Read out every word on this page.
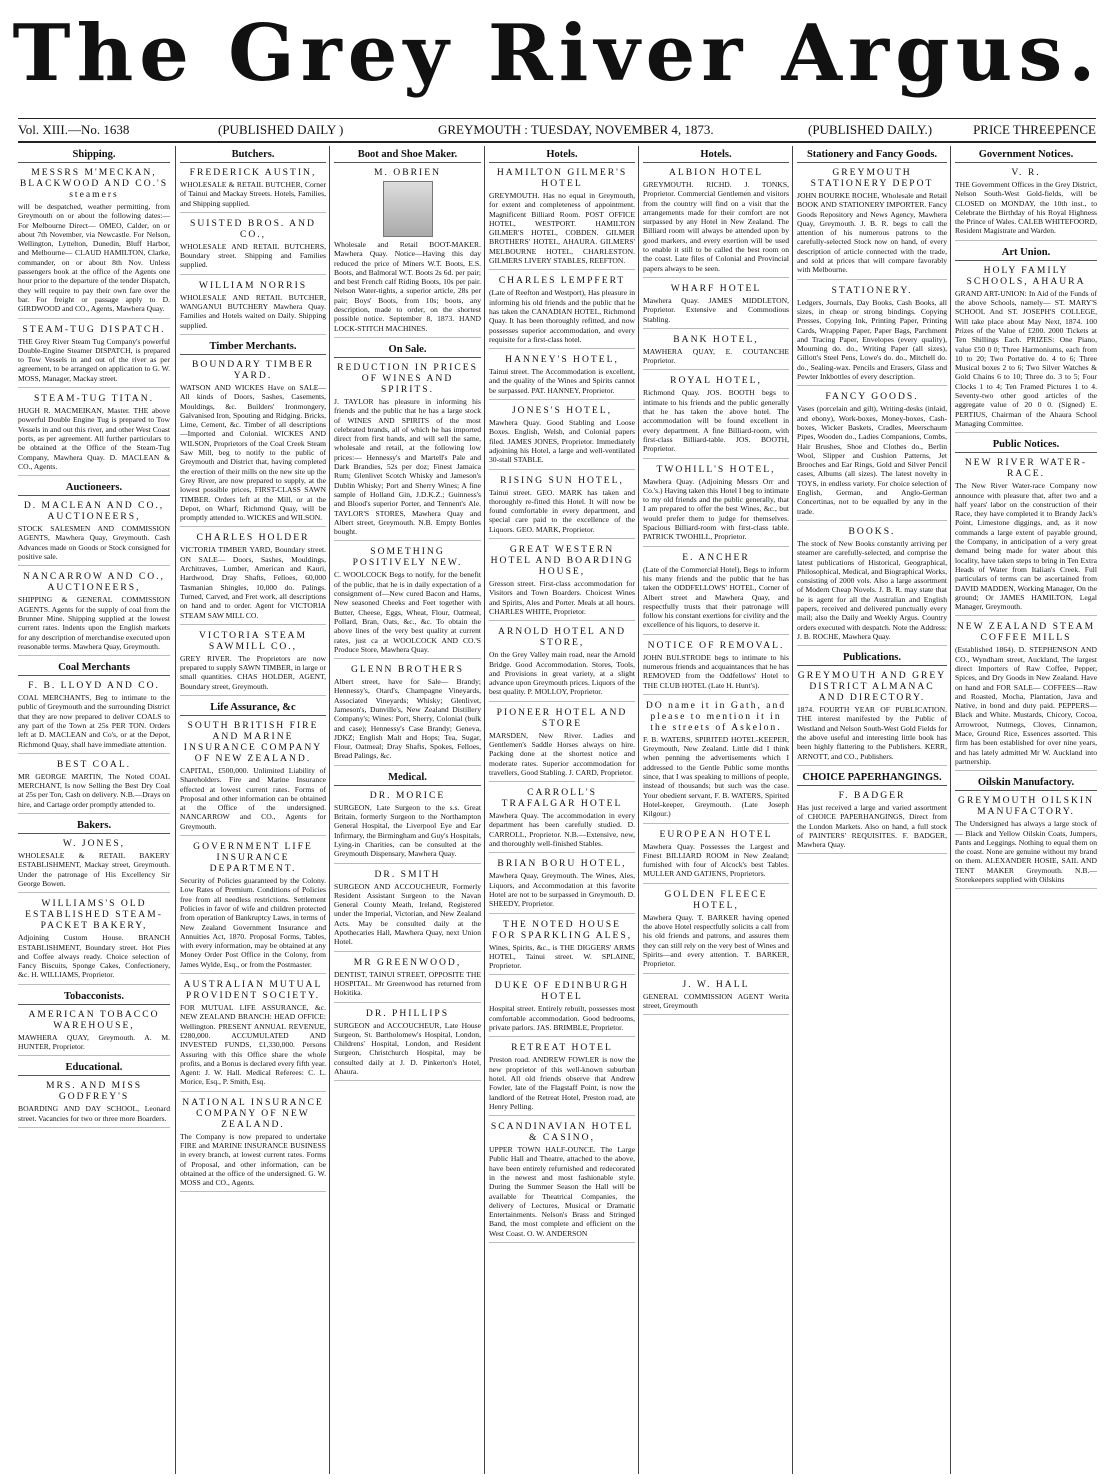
The Grey River Argus.
Vol. XIII.—No. 1638	(PUBLISHED DAILY )	GREYMOUTH : TUESDAY, NOVEMBER 4, 1873.	(PUBLISHED DAILY.)	PRICE THREEPENCE
Shipping.
MESSRS M'MECKAN, BLACKWOOD AND CO.'S steamers

will be despatched, weather permitting, from Greymouth on or about the following dates:— For Melbourne Direct— OMEO, Calder, on or about 7th November, via Newcastle. For Nelson, Wellington, Lyttelton, Dunedin, Bluff Harbor, and Melbourne— CLAUD HAMILTON, Clarke, commander, on or about 8th Nov. Unless passengers book at the office of the Agents one hour prior to the departure of the tender Dispatch, they will require to pay their own fare over the bar. For freight or passage apply to D. GIRDWOOD and CO., Agents, Mawhera Quay.

STEAM-TUG DISPATCH.

THE Grey River Steam Tug Company's powerful Double-Engine Steamer DISPATCH, is prepared to Tow Vessels in and out of the river as per agreement, to be arranged on application to G. W. MOSS, Manager, Mackay street.

STEAM-TUG TITAN.

HUGH R. MACMEIKAN, Master. THE above powerful Double Engine Tug is prepared to Tow Vessels in and out this river, and other West Coast ports, as per agreement. All further particulars to be obtained at the Office of the Steam-Tug Company, Mawhera Quay. D. MACLEAN & CO., Agents.

Auctioneers.
D. MACLEAN AND CO., AUCTIONEERS,

STOCK SALESMEN AND COMMISSION AGENTS, Mawhera Quay, Greymouth. Cash Advances made on Goods or Stock consigned for positive sale.

NANCARROW AND CO., AUCTIONEERS,

SHIPPING & GENERAL COMMISSION AGENTS. Agents for the supply of coal from the Brunner Mine. Shipping supplied at the lowest current rates. Indents upon the English markets for any description of merchandise executed upon reasonable terms. Mawhera Quay, Greymouth.

Coal Merchants
F. B. LLOYD AND CO.

COAL MERCHANTS, Beg to intimate to the public of Greymouth and the surrounding District that they are now prepared to deliver COALS to any part of the Town at 25s PER TON. Orders left at D. MACLEAN and Co's, or at the Depot, Richmond Quay, shall have immediate attention.

BEST COAL.

MR GEORGE MARTIN, The Noted COAL MERCHANT, Is now Selling the Best Dry Coal at 25s per Ton, Cash on delivery. N.B.—Drays on hire, and Cartage order promptly attended to.

Bakers.
W. JONES,

WHOLESALE & RETAIL BAKERY ESTABLISHMENT, Mackay street, Greymouth. Under the patronage of His Excellency Sir George Bowen.

WILLIAMS'S OLD ESTABLISHED STEAM-PACKET BAKERY,

Adjoining Custom House. BRANCH ESTABLISHMENT, Boundary street. Hot Pies and Coffee always ready. Choice selection of Fancy Biscuits, Sponge Cakes, Confectionery, &c. H. WILLIAMS, Proprietor.

Tobacconists.
AMERICAN TOBACCO WAREHOUSE,

MAWHERA QUAY, Greymouth. A. M. HUNTER, Proprietor.

Educational.
MRS. AND MISS GODFREY'S

BOARDING AND DAY SCHOOL, Leonard street. Vacancies for two or three more Boarders.

Butchers.
FREDERICK AUSTIN,

WHOLESALE & RETAIL BUTCHER, Corner of Tainui and Mackay Streets. Hotels, Families, and Shipping supplied.

SUISTED BROS. AND CO.,

WHOLESALE AND RETAIL BUTCHERS, Boundary street. Shipping and Families supplied.

WILLIAM NORRIS

WHOLESALE AND RETAIL BUTCHER, WANGANUI BUTCHERY Mawhera Quay. Families and Hotels waited on Daily. Shipping supplied.

Timber Merchants.
BOUNDARY TIMBER YARD.

WATSON AND WICKES Have on SALE— All kinds of Doors, Sashes, Casements, Mouldings, &c. Builders' Ironmongery, Galvanised Iron, Spouting and Ridging. Bricks, Lime, Cement, &c. Timber of all descriptions—Imported and Colonial. WICKES AND WILSON, Proprietors of the Coal Creek Steam Saw Mill, beg to notify to the public of Greymouth and District that, having completed the erection of their mills on the new site up the Grey River, are now prepared to supply, at the lowest possible prices, FIRST-CLASS SAWN TIMBER. Orders left at the Mill, or at the Depot, on Wharf, Richmond Quay, will be promptly attended to. WICKES and WILSON.

CHARLES HOLDER

VICTORIA TIMBER YARD, Boundary street. ON SALE— Doors, Sashes, Mouldings, Architraves, Lumber, American and Kauri, Hardwood, Dray Shafts, Felloes, 60,000 Tasmanian Shingles, 10,000 do. Palings. Turned, Carved, and Fret work, all descriptions on hand and to order. Agent for VICTORIA STEAM SAW MILL CO.

VICTORIA STEAM SAWMILL CO.,

GREY RIVER. The Proprietors are now prepared to supply SAWN TIMBER, in large or small quantities. CHAS HOLDER, AGENT, Boundary street, Greymouth.

Life Assurance, &c
SOUTH BRITISH FIRE AND MARINE INSURANCE COMPANY OF NEW ZEALAND.

CAPITAL, £500,000. Unlimited Liability of Shareholders. Fire and Marine Insurance effected at lowest current rates. Forms of Proposal and other information can be obtained at the Office of the undersigned. NANCARROW and CO., Agents for Greymouth.

GOVERNMENT LIFE INSURANCE DEPARTMENT.

Security of Policies guaranteed by the Colony. Low Rates of Premium. Conditions of Policies free from all needless restrictions. Settlement Policies in favor of wife and children protected from operation of Bankruptcy Laws, in terms of New Zealand Government Insurance and Annuities Act, 1870. Proposal Forms, Tables, with every information, may be obtained at any Money Order Post Office in the Colony, from James Wylde, Esq., or from the Postmaster.

AUSTRALIAN MUTUAL PROVIDENT SOCIETY.

FOR MUTUAL LIFE ASSURANCE, &c. NEW ZEALAND BRANCH: HEAD OFFICE: Wellington. PRESENT ANNUAL REVENUE, £280,000. ACCUMULATED AND INVESTED FUNDS, £1,330,000. Persons Assuring with this Office share the whole profits, and a Bonus is declared every fifth year. Agent: J. W. Hall. Medical Referees: C. L. Morice, Esq., P. Smith, Esq.

NATIONAL INSURANCE COMPANY OF NEW ZEALAND.

The Company is now prepared to undertake FIRE and MARINE INSURANCE BUSINESS in every branch, at lowest current rates. Forms of Proposal, and other information, can be obtained at the office of the undersigned. G. W. MOSS and CO., Agents.

Boot and Shoe Maker.
M. OBRIEN

Wholesale and Retail BOOT-MAKER. Mawhera Quay. Notice—Having this day reduced the price of Miners W.T. Boots, E.S. Boots, and Balmoral W.T. Boots 2s 6d. per pair; and best French calf Riding Boots, 10s per pair. Nelson Water-tights, a superior article, 28s per pair; Boys' Boots, from 10s; boots, any description, made to order, on the shortest possible notice. September 8, 1873. HAND LOCK-STITCH MACHINES.

On Sale.
REDUCTION IN PRICES OF WINES AND SPIRITS.

J. TAYLOR has pleasure in informing his friends and the public that he has a large stock of WINES AND SPIRITS of the most celebrated brands, all of which he has imported direct from first hands, and will sell the same, wholesale and retail, at the following low prices:— Hennessy's and Martell's Pale and Dark Brandies, 52s per doz; Finest Jamaica Rum; Glenlivet Scotch Whisky and Jameson's Dublin Whisky; Port and Sherry Wines; A fine sample of Holland Gin, J.D.K.Z.; Guinness's and Blood's superior Porter, and Tennent's Ale. TAYLOR'S STORES, Mawhera Quay and Albert street, Greymouth. N.B. Empty Bottles bought.

SOMETHING POSITIVELY NEW.

C. WOOLCOCK Begs to notify, for the benefit of the public, that he is in daily expectation of a consignment of—New cured Bacon and Hams, New seasoned Cheeks and Feet together with Butter, Cheese, Eggs, Wheat, Flour, Oatmeal, Pollard, Bran, Oats, &c., &c. To obtain the above lines of the very best quality at current rates, just ca at WOOLCOCK AND CO.'S Produce Store, Mawhera Quay.

GLENN BROTHERS

Albert street, have for Sale— Brandy; Hennessy's, Otard's, Champagne Vineyards, Associated Vineyards; Whisky; Glenlivet, Jameson's, Dunville's, New Zealand Distillery Company's; Wines: Port, Sherry, Colonial (bulk and case); Hennessy's Case Brandy; Geneva, JDKZ; English Malt and Hops; Tea, Sugar, Flour, Oatmeal; Dray Shafts, Spokes, Felloes, Bread Palings, &c.

Medical.
DR. MORICE

SURGEON, Late Surgeon to the s.s. Great Britain, formerly Surgeon to the Northampton General Hospital, the Liverpool Eye and Ear Infirmary, the Birmingham and Guy's Hospitals, Lying-in Charities, can be consulted at the Greymouth Dispensary, Mawhera Quay.

DR. SMITH

SURGEON AND ACCOUCHEUR, Formerly Resident Assistant Surgeon to the Navan General County Meath, Ireland, Registered under the Imperial, Victorian, and New Zealand Acts. May be consulted daily at the Apothecaries Hall, Mawhera Quay, next Union Hotel.

MR GREENWOOD,

DENTIST, TAINUI STREET, OPPOSITE THE HOSPITAL. Mr Greenwood has returned from Hokitika.

DR. PHILLIPS

SURGEON and ACCOUCHEUR, Late House Surgeon, St. Bartholomew's Hospital, London, Childrens' Hospital, London, and Resident Surgeon, Christchurch Hospital, may be consulted daily at J. D. Pinkerton's Hotel, Ahaura.

Hotels.
HAMILTON GILMER'S HOTEL

GREYMOUTH. Has no equal in Greymouth, for extent and completeness of appointment. Magnificent Billiard Room. POST OFFICE HOTEL, WESTPORT. HAMILTON GILMER'S HOTEL, COBDEN. GILMER BROTHERS' HOTEL, AHAURA. GILMERS' MELBOURNE HOTEL, CHARLESTON. GILMERS LIVERY STABLES, REEFTON.

CHARLES LEMPFERT

(Late of Reefton and Westport), Has pleasure in informing his old friends and the public that he has taken the CANADIAN HOTEL, Richmond Quay. It has been thoroughly refitted, and now possesses superior accommodation, and every requisite for a first-class hotel.

HANNEY'S HOTEL,

Tainui street. The Accommodation is excellent, and the quality of the Wines and Spirits cannot be surpassed. PAT. HANNEY, Proprietor.

JONES'S HOTEL,

Mawhera Quay. Good Stabling and Loose Boxes. English, Welsh, and Colonial papers filed. JAMES JONES, Proprietor. Immediately adjoining his Hotel, a large and well-ventilated 30-stall STABLE.

RISING SUN HOTEL,

Tainui street. GEO. MARK has taken and thoroughly re-fitted this Hotel. It will now be found comfortable in every department, and special care paid to the excellence of the Liquors. GEO. MARK, Proprietor.

GREAT WESTERN HOTEL AND BOARDING HOUSE,

Gresson street. First-class accommodation for Visitors and Town Boarders. Choicest Wines and Spirits, Ales and Porter. Meals at all hours. CHARLES WHITE, Proprietor.

ARNOLD HOTEL AND STORE,

On the Grey Valley main road, near the Arnold Bridge. Good Accommodation. Stores, Tools, and Provisions in great variety, at a slight advance upon Greymouth prices. Liquors of the best quality. P. MOLLOY, Proprietor.

PIONEER HOTEL AND STORE

MARSDEN, New River. Ladies and Gentlemen's Saddle Horses always on hire. Packing done at the shortest notice and moderate rates. Superior accommodation for travellers, Good Stabling. J. CARD, Proprietor.

CARROLL'S TRAFALGAR HOTEL

Mawhera Quay. The accommodation in every department has been carefully studied. D. CARROLL, Proprietor. N.B.—Extensive, new, and thoroughly well-finished Stables.

BRIAN BORU HOTEL,

Mawhera Quay, Greymouth. The Wines, Ales, Liquors, and Accommodation at this favorite Hotel are not to be surpassed in Greymouth. D. SHEEDY, Proprietor.

THE NOTED HOUSE FOR SPARKLING ALES,

Wines, Spirits, &c., is THE DIGGERS' ARMS HOTEL, Tainui street. W. SPLAINE, Proprietor.

DUKE OF EDINBURGH HOTEL

Hospital street. Entirely rebuilt, possesses most comfortable accommodation. Good bedrooms, private parlors. JAS. BRIMBLE, Proprietor.

RETREAT HOTEL

Preston road. ANDREW FOWLER is now the new proprietor of this well-known suburban hotel. All old friends observe that Andrew Fowler, late of the Flagstaff Point, is now the landlord of the Retreat Hotel, Preston road, ate Henry Pelling.

SCANDINAVIAN HOTEL & CASINO,

UPPER TOWN HALF-OUNCE. The Large Public Hall and Theatre, attached to the above, have been entirely refurnished and redecorated in the newest and most fashionable style. During the Summer Season the Hall will be available for Theatrical Companies, the delivery of Lectures, Musical or Dramatic Entertainments. Nelson's Brass and Stringed Band, the most complete and efficient on the West Coast. O. W. ANDERSON

Hotels.
ALBION HOTEL

GREYMOUTH. RICHD. J. TONKS, Proprietor. Commercial Gentlemen and visitors from the country will find on a visit that the arrangements made for their comfort are not surpassed by any Hotel in New Zealand. The Billiard room will always be attended upon by good markers, and every exertion will be used to enable it still to be called the best room on the coast. Late files of Colonial and Provincial papers always to be seen.

WHARF HOTEL

Mawhera Quay. JAMES MIDDLETON, Proprietor. Extensive and Commodious Stabling.

BANK HOTEL,

MAWHERA QUAY, E. COUTANCHE Proprietor.

ROYAL HOTEL,

Richmond Quay. JOS. BOOTH begs to intimate to his friends and the public generally that he has taken the above hotel. The accommodation will be found excellent in every department. A fine Billiard-room, with first-class Billiard-table. JOS. BOOTH, Proprietor.

TWOHILL'S HOTEL,

Mawhera Quay. (Adjoining Messrs Orr and Co.'s.) Having taken this Hotel I beg to intimate to my old friends and the public generally, that I am prepared to offer the best Wines, &c., but would prefer them to judge for themselves. Spacious Billiard-room with first-class table. PATRICK TWOHILL, Proprietor.

E. ANCHER

(Late of the Commercial Hotel), Begs to inform his many friends and the public that he has taken the ODDFELLOWS' HOTEL, Corner of Albert street and Mawhera Quay, and respectfully trusts that their patronage will follow his constant exertions for civility and the excellence of his liquors, to deserve it.

NOTICE OF REMOVAL.

JOHN BULSTRODE begs to intimate to his numerous friends and acquaintances that he has REMOVED from the Oddfellows' Hotel to THE CLUB HOTEL (Late H. Hunt's).

DO name it in Gath, and please to mention it in the streets of Askelon.

F. B. WATERS, SPIRITED HOTEL-KEEPER, Greymouth, New Zealand. Little did I think when penning the advertisements which I addressed to the Gentle Public some months since, that I was speaking to millions of people, instead of thousands; but such was the case. Your obedient servant, F. B. WATERS, Spirited Hotel-keeper, Greymouth. (Late Joseph Kilgour.)

EUROPEAN HOTEL

Mawhera Quay. Possesses the Largest and Finest BILLIARD ROOM in New Zealand; furnished with four of Alcock's best Tables. MULLER AND GATJENS, Proprietors.

GOLDEN FLEECE HOTEL,

Mawhera Quay. T. BARKER having opened the above Hotel respectfully solicits a call from his old friends and patrons, and assures them they can still rely on the very best of Wines and Spirits—and every attention. T. BARKER, Proprietor.

J. W. HALL

GENERAL COMMISSION AGENT Werita street, Greymouth

Stationery and Fancy Goods.
GREYMOUTH STATIONERY DEPOT

JOHN BOURKE ROCHE, Wholesale and Retail BOOK AND STATIONERY IMPORTER. Fancy Goods Repository and News Agency, Mawhera Quay, Greymouth. J. B. R. begs to call the attention of his numerous patrons to the carefully-selected Stock now on hand, of every description of article connected with the trade, and sold at prices that will compare favorably with Melbourne.

STATIONERY.

Ledgers, Journals, Day Books, Cash Books, all sizes, in cheap or strong bindings. Copying Presses, Copying Ink, Printing Paper, Printing Cards, Wrapping Paper, Paper Bags, Parchment and Tracing Paper, Envelopes (every quality), Mourning do. do., Writing Paper (all sizes), Gillott's Steel Pens, Lowe's do. do., Mitchell do. do., Sealing-wax. Pencils and Erasers, Glass and Pewter Inkbottles of every description.

FANCY GOODS.

Vases (porcelain and gilt), Writing-desks (inlaid, and ebony), Work-boxes, Money-boxes, Cash-boxes, Wicker Baskets, Cradles, Meerschaum Pipes, Wooden do., Ladies Companions, Combs, Hair Brushes, Shoe and Clothes do., Berlin Wool, Slipper and Cushion Patterns, Jet Brooches and Ear Rings, Gold and Silver Pencil cases, Albums (all sizes). The latest novelty in TOYS, in endless variety. For choice selection of English, German, and Anglo-German Concertinas, not to be equalled by any in the trade.

BOOKS.

The stock of New Books constantly arriving per steamer are carefully-selected, and comprise the latest publications of Historical, Geographical, Philosophical, Medical, and Biographical Works, consisting of 2000 vols. Also a large assortment of Modern Cheap Novels. J. B. R. may state that he is agent for all the Australian and English papers, received and delivered punctually every mail; also the Daily and Weekly Argus. Country orders executed with despatch. Note the Address: J. B. ROCHE, Mawhera Quay.

Publications.
GREYMOUTH AND GREY DISTRICT ALMANAC AND DIRECTORY.

1874. FOURTH YEAR OF PUBLICATION. THE interest manifested by the Public of Westland and Nelson South-West Gold Fields for the above useful and interesting little book has been highly flattering to the Publishers. KERR, ARNOTT, and CO., Publishers.

CHOICE PAPERHANGINGS.
F. BADGER

Has just received a large and varied assortment of CHOICE PAPERHANGINGS, Direct from the London Markets. Also on hand, a full stock of PAINTERS' REQUISITES. F. BADGER, Mawhera Quay.

Government Notices.
V. R.

THE Government Offices in the Grey District, Nelson South-West Gold-fields, will be CLOSED on MONDAY, the 10th inst., to Celebrate the Birthday of his Royal Highness the Prince of Wales. CALEB WHITEFOORD, Resident Magistrate and Warden.

Art Union.
HOLY FAMILY SCHOOLS, AHAURA

GRAND ART-UNION: In Aid of the Funds of the above Schools, namely— ST. MARY'S SCHOOL And ST. JOSEPH'S COLLEGE, Will take place about May Next, 1874. 100 Prizes of the Value of £200. 2000 Tickets at Ten Shillings Each. PRIZES: One Piano, value £50 0 0; Three Harmoniums, each from 10 to 20; Two Portative do. 4 to 6; Three Musical boxes 2 to 6; Two Silver Watches & Gold Chains 6 to 10; Three do. 3 to 5; Four Clocks 1 to 4; Ten Framed Pictures 1 to 4. Seventy-two other good articles of the aggregate value of 20 0 0. (Signed) E. PERTIUS, Chairman of the Ahaura School Managing Committee.

Public Notices.
NEW RIVER WATER-RACE.

The New River Water-race Company now announce with pleasure that, after two and a half years' labor on the construction of their Race, they have completed it to Brandy Jack's Point, Limestone diggings, and, as it now commands a large extent of payable ground, the Company, in anticipation of a very great demand being made for water about this locality, have taken steps to bring in Ten Extra Heads of Water from Italian's Creek. Full particulars of terms can be ascertained from DAVID MADDEN, Working Manager, On the ground; Or JAMES HAMILTON, Legal Manager, Greymouth.

NEW ZEALAND STEAM COFFEE MILLS

(Established 1864). D. STEPHENSON AND CO., Wyndham street, Auckland, The largest direct Importers of Raw Coffee, Pepper, Spices, and Dry Goods in New Zealand. Have on hand and FOR SALE— COFFEES—Raw and Roasted, Mocha, Plantation, Java and Native, in bond and duty paid. PEPPERS—Black and White. Mustards, Chicory, Cocoa, Arrowroot, Nutmegs, Cloves, Cinnamon, Mace, Ground Rice, Essences assorted. This firm has been established for over nine years, and has lately admitted Mr W. Auckland into partnership.

Oilskin Manufactory.
GREYMOUTH OILSKIN MANUFACTORY.

The Undersigned has always a large stock of— Black and Yellow Oilskin Coats, Jumpers, Pants and Leggings. Nothing to equal them on the coast. None are genuine without my brand on them. ALEXANDER HOSIE, SAIL AND TENT MAKER Greymouth. N.B.—Storekeepers supplied with Oilskins
